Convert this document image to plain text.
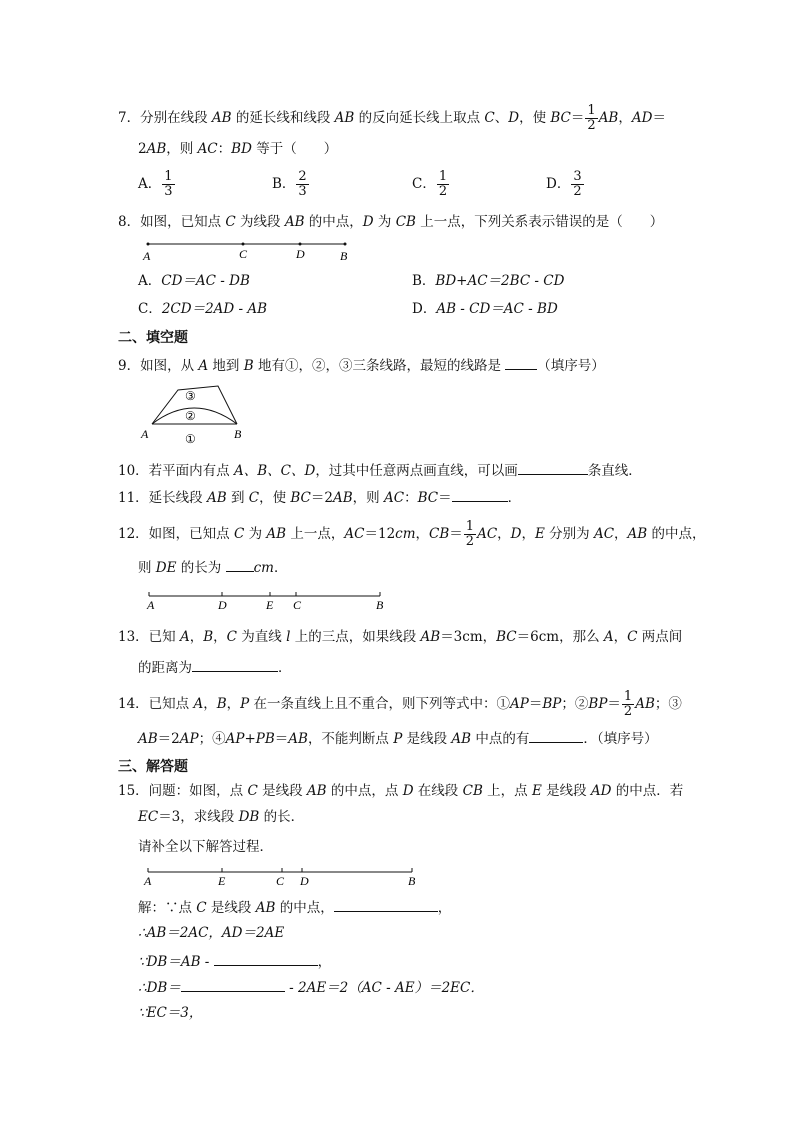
7．分别在线段 AB 的延长线和线段 AB 的反向延长线上取点 C、D，使 $BC= \frac{1}{2}$ AB，AD＝
2AB，则 AC：BD 等于（　　）
A． $\frac{1}{3}$	B． $\frac{2}{3}$	C． $\frac{1}{2}$	D． $\frac{3}{2}$
8．如图，已知点 C 为线段 AB 的中点，D 为 CB 上一点，下列关系表示错误的是（　　）
A	C	D	B
A．CD＝AC - DB	B．BD+AC＝2BC - CD
C．2CD＝2AD - AB	D．AB - CD＝AC - BD
二、填空题
9．如图，从 A 地到 B 地有①，②，③三条线路，最短的线路是 （填序号）
A	B
③
②
①
10．若平面内有点 A、B、C、D，过其中任意两点画直线，可以画	条直线．
11．延长线段 AB 到 C，使 BC＝2AB，则 AC：BC＝	．
12．如图，已知点 C 为 AB 上一点，AC＝12cm，$CB= \frac{1}{2}$ AC，D，E 分别为 AC，AB 的中点，
则 DE 的长为 cm．
A	D	E C	B
13．已知 A，B，C 为直线 l 上的三点，如果线段 AB＝3cm，BC＝6cm，那么 A，C 两点间
的距离为	．
14．已知点 A，B，P 在一条直线上且不重合，则下列等式中：①AP＝BP；②BP＝ $\frac{1}{2}$ AB；③
AB＝2AP；④AP+PB＝AB，不能判断点 P 是线段 AB 中点的有	．（填序号）
三、解答题
15．问题：如图，点 C 是线段 AB 的中点，点 D 在线段 CB 上，点 E 是线段 AD 的中点．若
EC＝3，求线段 DB 的长．
请补全以下解答过程．
A	E	C D	B
解：∵点 C 是线段 AB 的中点，	，
∴AB＝2AC，AD＝2AE
∵DB＝AB -	，
∴DB＝	- 2AE＝2（AC - AE）＝2EC．
∵EC＝3，
